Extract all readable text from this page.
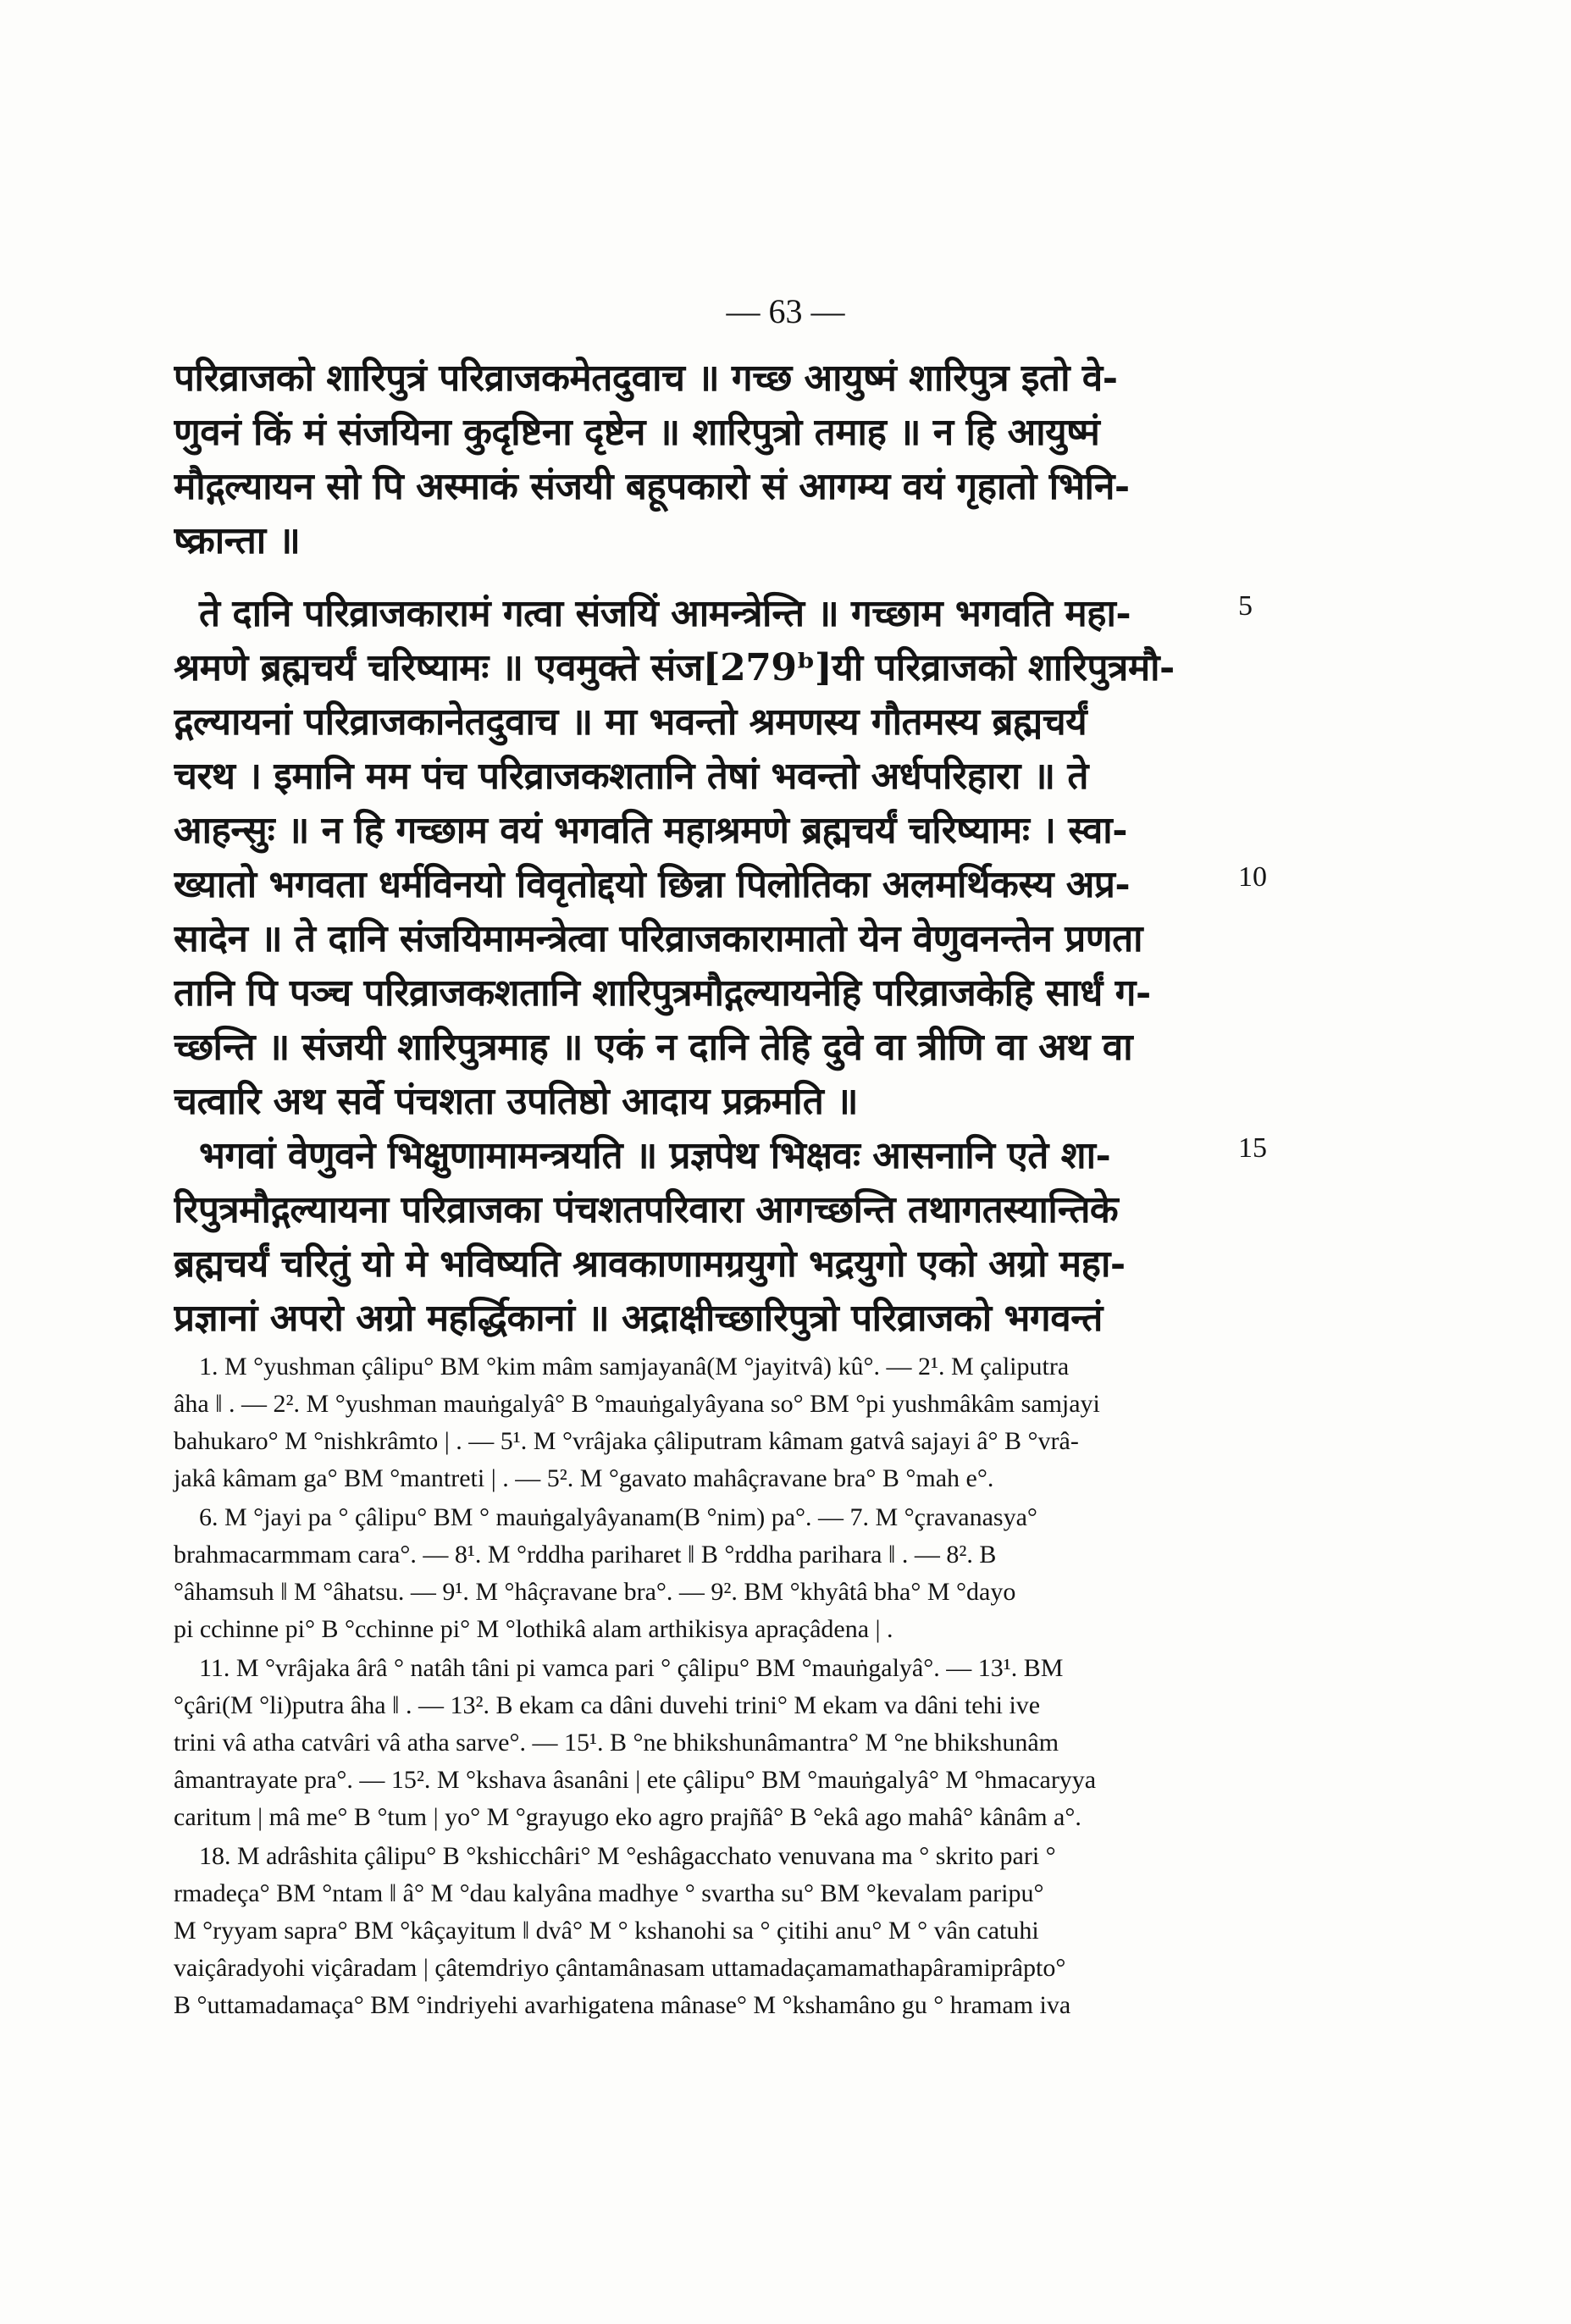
— 63 —
परिव्राजको शारिपुत्रं परिव्राजकमेतदुवाच ॥ गच्छ आयुष्मं शारिपुत्र इतो वे-
णुवनं किं मं संजयिना कुदृष्टिना दृष्टेन ॥ शारिपुत्रो तमाह ॥ न हि आयुष्मं
मौद्गल्यायन सो पि अस्माकं संजयी बहूपकारो सं आगम्य वयं गृहातो भिनि-
ष्क्रान्ता ॥
ते दानि परिव्राजकारामं गत्वा संजयिं आमन्त्रेन्ति ॥ गच्छाम भगवति महा-
श्रमणे ब्रह्मचर्यं चरिष्यामः ॥ एवमुक्ते संज[279ᵇ]यी परिव्राजको शारिपुत्रमौ-
द्गल्यायनां परिव्राजकानेतदुवाच ॥ मा भवन्तो श्रमणस्य गौतमस्य ब्रह्मचर्यं
चरथ । इमानि मम पंच परिव्राजकशतानि तेषां भवन्तो अर्धपरिहारा ॥ ते
आहन्सुः ॥ न हि गच्छाम वयं भगवति महाश्रमणे ब्रह्मचर्यं चरिष्यामः । स्वा-
ख्यातो भगवता धर्मविनयो विवृतोद्दयो छिन्ना पिलोतिका अलमर्थिकस्य अप्र-
सादेन ॥ ते दानि संजयिमामन्त्रेत्वा परिव्राजकारामातो येन वेणुवनन्तेन प्रणता
तानि पि पञ्च परिव्राजकशतानि शारिपुत्रमौद्गल्यायनेहि परिव्राजकेहि सार्धं ग-
च्छन्ति ॥ संजयी शारिपुत्रमाह ॥ एकं न दानि तेहि दुवे वा त्रीणि वा अथ वा
चत्वारि अथ सर्वे पंचशता उपतिष्ठो आदाय प्रक्रमति ॥
भगवां वेणुवने भिक्षुणामामन्त्रयति ॥ प्रज्ञपेथ भिक्षवः आसनानि एते शा-
रिपुत्रमौद्गल्यायना परिव्राजका पंचशतपरिवारा आगच्छन्ति तथागतस्यान्तिके
ब्रह्मचर्यं चरितुं यो मे भविष्यति श्रावकाणामग्रयुगो भद्रयुगो एको अग्रो महा-
प्रज्ञानां अपरो अग्रो महर्द्धिकानां ॥ अद्राक्षीच्छारिपुत्रो परिव्राजको भगवन्तं
5
10
15

1. M °yushman çâlipu° BM °kim mâm samjayanâ(M °jayitvâ) kû°. — 2¹. M çaliputra

âha ‖ . — 2². M °yushman mauṅgalyâ° B °mauṅgalyâyana so° BM °pi yushmâkâm samjayi

bahukaro° M °nishkrâmto | . — 5¹. M °vrâjaka çâliputram kâmam gatvâ sajayi â° B °vrâ-

jakâ kâmam ga° BM °mantreti | . — 5². M °gavato mahâçravane bra° B °mah e°.

6. M °jayi pa ° çâlipu° BM ° mauṅgalyâyanam(B °nim) pa°. — 7. M °çravanasya°

brahmacarmmam cara°. — 8¹. M °rddha pariharet ‖ B °rddha parihara ‖ . — 8². B

°âhamsuh ‖ M °âhatsu. — 9¹. M °hâçravane bra°. — 9². BM °khyâtâ bha° M °dayo

pi cchinne pi° B °cchinne pi° M °lothikâ alam arthikisya apraçâdena | .

11. M °vrâjaka ârâ ° natâh tâni pi vamca pari ° çâlipu° BM °mauṅgalyâ°. — 13¹. BM

°çâri(M °li)putra âha ‖ . — 13². B ekam ca dâni duvehi trini° M ekam va dâni tehi ive

trini vâ atha catvâri vâ atha sarve°. — 15¹. B °ne bhikshunâmantra° M °ne bhikshunâm

âmantrayate pra°. — 15². M °kshava âsanâni | ete çâlipu° BM °mauṅgalyâ° M °hmacaryya

caritum | mâ me° B °tum | yo° M °grayugo eko agro prajñâ° B °ekâ ago mahâ° kânâm a°.

18. M adrâshita çâlipu° B °kshicchâri° M °eshâgacchato venuvana ma ° skrito pari °

rmadeça° BM °ntam ‖ â° M °dau kalyâna madhye ° svartha su° BM °kevalam paripu°

M °ryyam sapra° BM °kâçayitum ‖ dvâ° M ° kshanohi sa ° çitihi anu° M ° vân catuhi

vaiçâradyohi viçâradam | çâtemdriyo çântamânasam uttamadaçamamathapâramiprâpto°

B °uttamadamaça° BM °indriyehi avarhigatena mânase° M °kshamâno gu ° hramam iva
